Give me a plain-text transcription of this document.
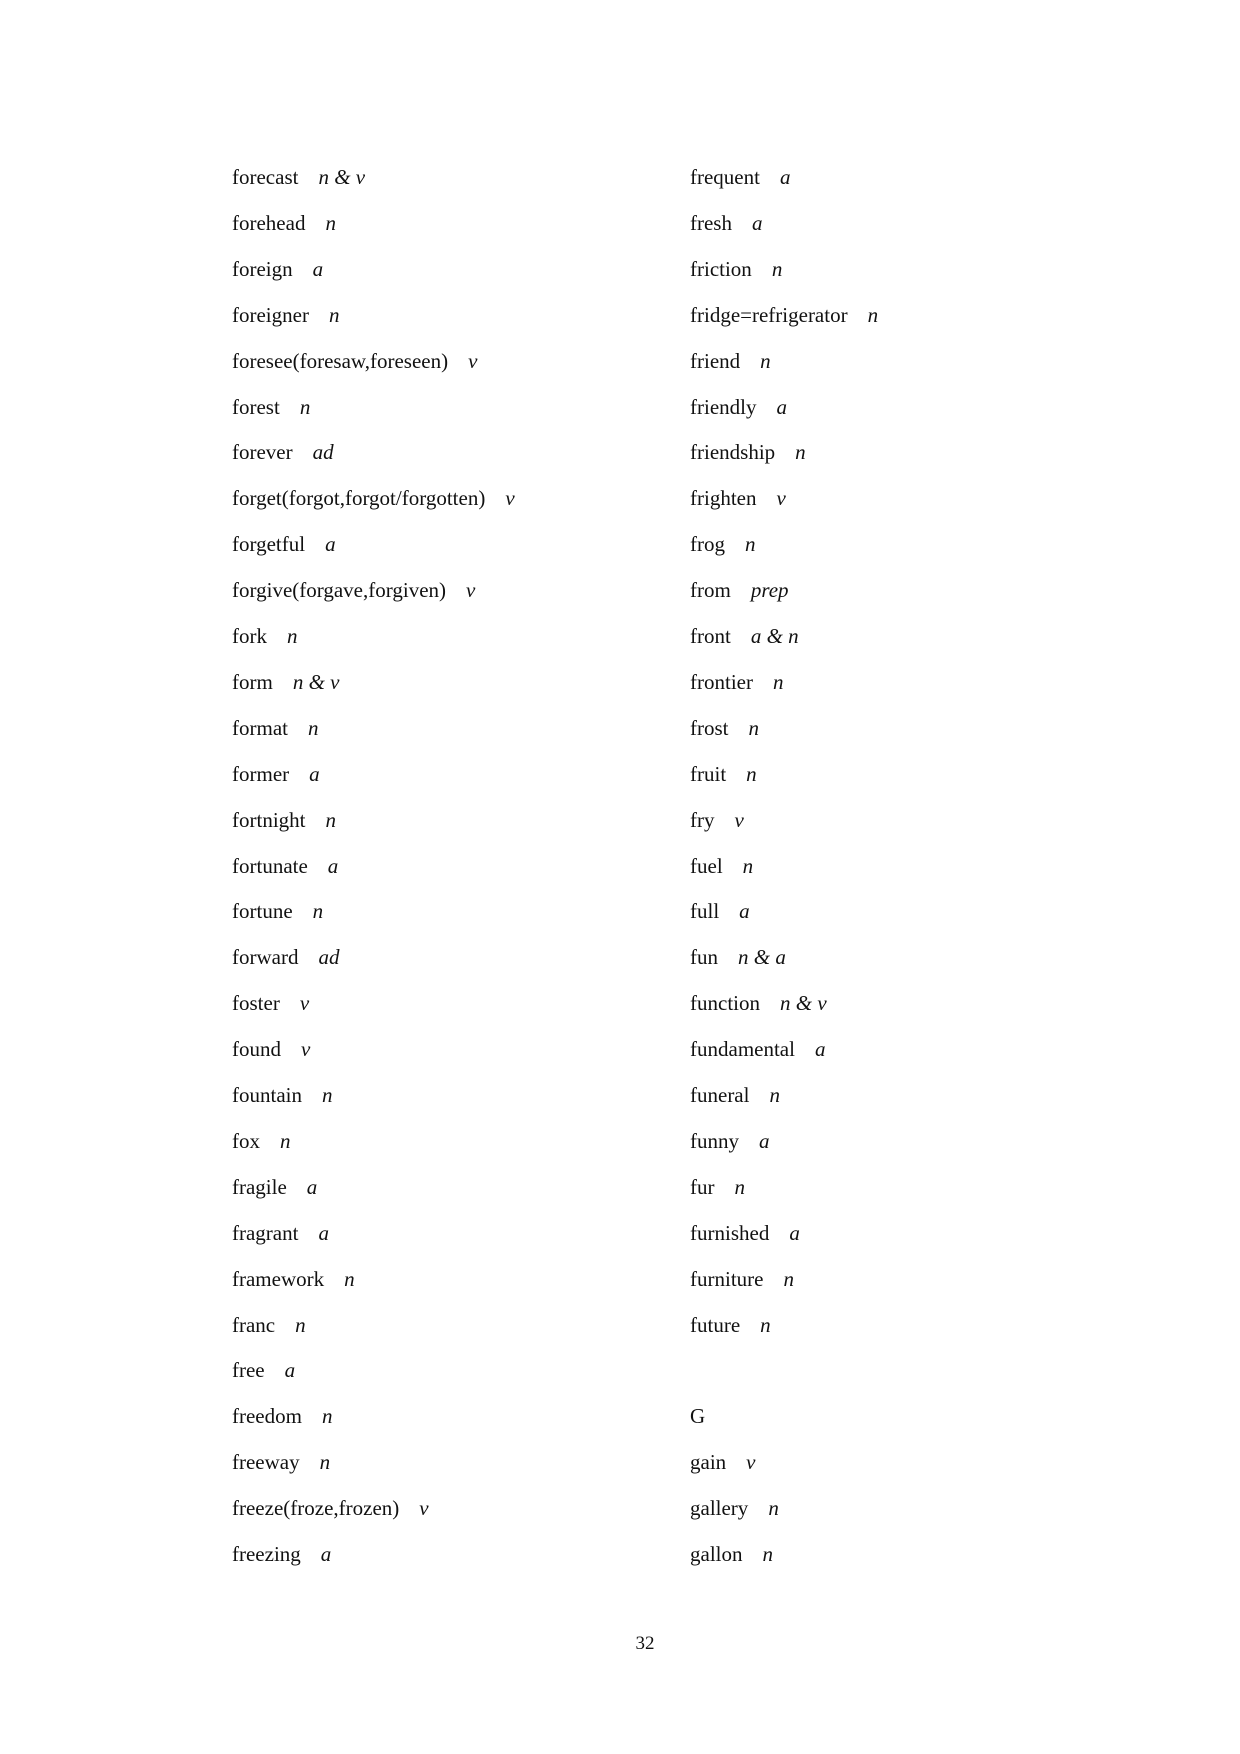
forecast n & v
forehead n
foreign a
foreigner n
foresee(foresaw,foreseen) v
forest n
forever ad
forget(forgot,forgot/forgotten) v
forgetful a
forgive(forgave,forgiven) v
fork n
form n & v
format n
former a
fortnight n
fortunate a
fortune n
forward ad
foster v
found v
fountain n
fox n
fragile a
fragrant a
framework n
franc n
free a
freedom n
freeway n
freeze(froze,frozen) v
freezing a
frequent a
fresh a
friction n
fridge=refrigerator n
friend n
friendly a
friendship n
frighten v
frog n
from prep
front a & n
frontier n
frost n
fruit n
fry v
fuel n
full a
fun n & a
function n & v
fundamental a
funeral n
funny a
fur n
furnished a
furniture n
future n
G
gain v
gallery n
gallon n
32
